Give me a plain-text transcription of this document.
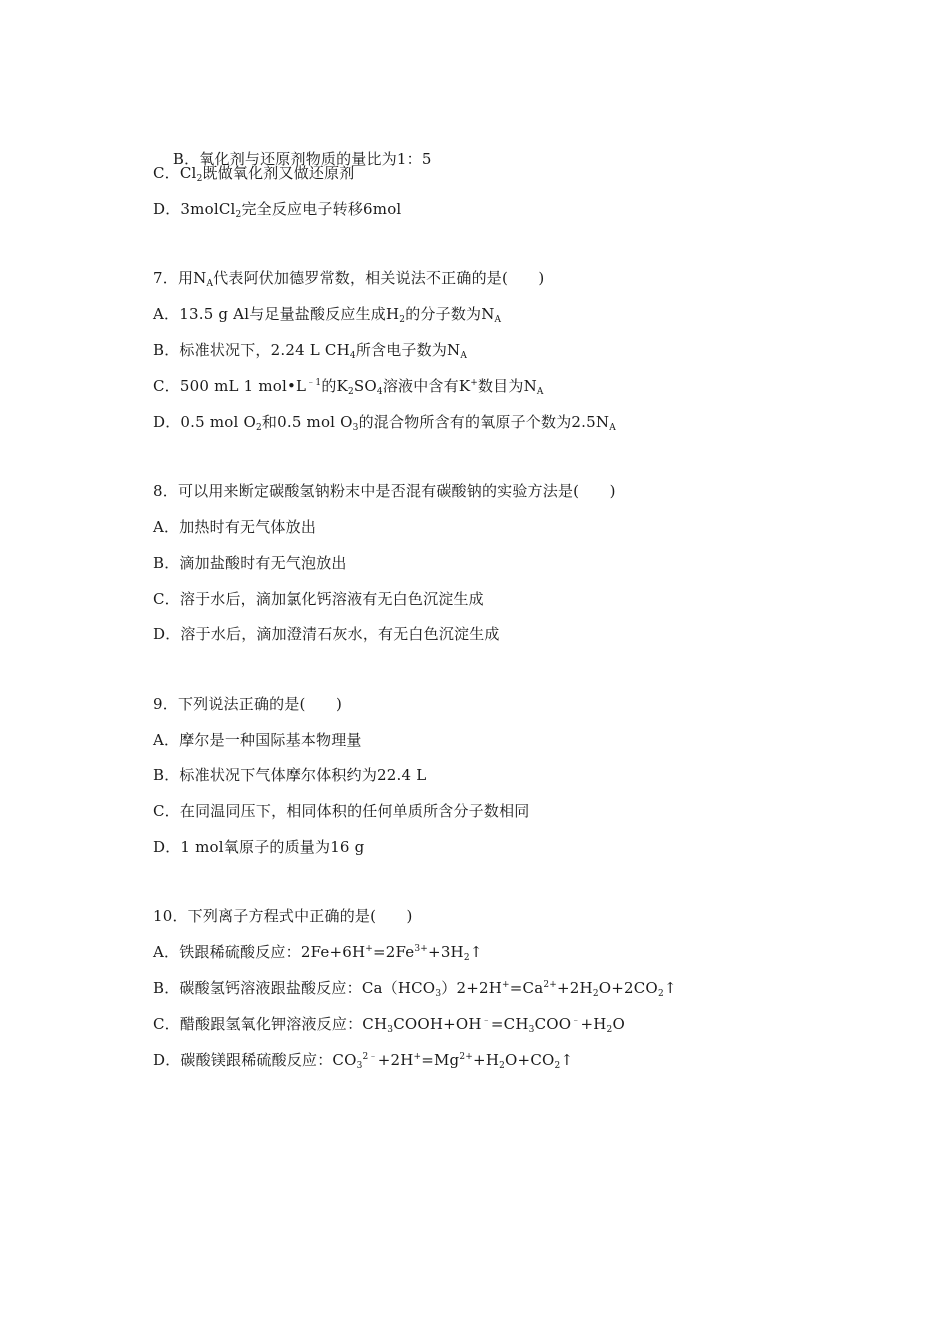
B．氧化剂与还原剂物质的量比为1：5

C．$Cl_2$既做氧化剂又做还原剂
D．3molCl$_2$完全反应电子转移6mol
7．用$N_A$代表阿伏加德罗常数，相关说法不正确的是(　　)
A．13.5 g Al与足量盐酸反应生成$H_2$的分子数为$N_A$
B．标准状况下，2.24 L $CH_4$所含电子数为$N_A$
C．500 mL 1 $mol•L^{﹣1}$的$K_2SO_4$溶液中含有K+数目为$N_A$
D．0.5 mol $O_2$和0.5 mol $O_3$的混合物所含有的氧原子个数为$2.5N_A$
8．可以用来断定碳酸氢钠粉末中是否混有碳酸钠的实验方法是(　　)
A．加热时有无气体放出
B．滴加盐酸时有无气泡放出
C．溶于水后，滴加氯化钙溶液有无白色沉淀生成
D．溶于水后，滴加澄清石灰水，有无白色沉淀生成
9．下列说法正确的是(　　)
A．摩尔是一种国际基本物理量
B．标准状况下气体摩尔体积约为22.4 L
C．在同温同压下，相同体积的任何单质所含分子数相同
D．1 mol氧原子的质量为16 g
10．下列离子方程式中正确的是(　　)
A．铁跟稀硫酸反应：$2Fe+6H^+=2Fe^{3+}+3H_2↑$
B．碳酸氢钙溶液跟盐酸反应：$Ca(HCO_3)2+2H^+=Ca^{2+}+2H_2O+2CO_2↑$
C．醋酸跟氢氧化钾溶液反应：$CH_3COOH+OH^﹣=CH_3COO^﹣+H_2O$
D．碳酸镁跟稀硫酸反应：$CO_3^{2﹣}+2H^+=Mg^{2+}+H_2O+CO_2↑$
